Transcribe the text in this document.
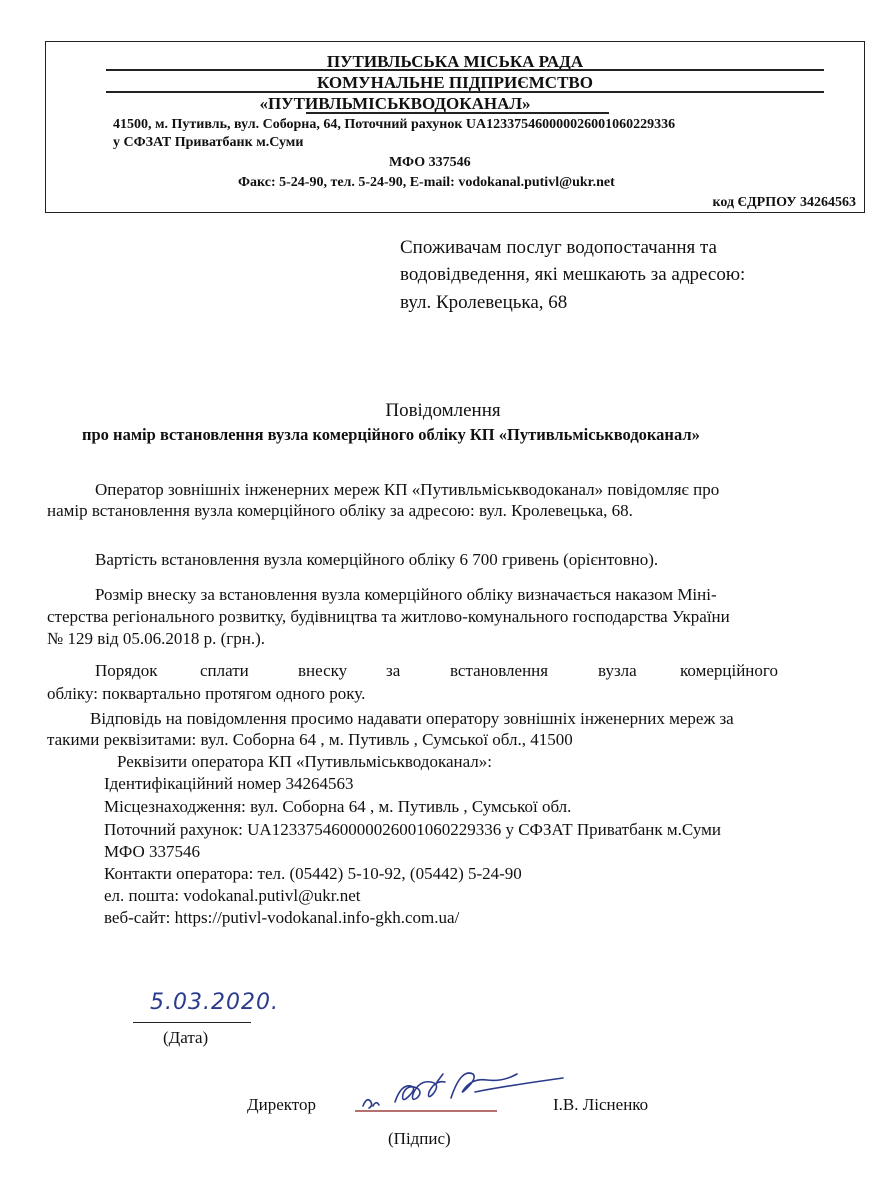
ПУТИВЛЬСЬКА МІСЬКА РАДА
КОМУНАЛЬНЕ ПІДПРИЄМСТВО
«ПУТИВЛЬМІСЬКВОДОКАНАЛ»
41500, м. Путивль, вул. Соборна, 64, Поточний рахунок UA123375460000026001060229336
у СФЗАТ Приватбанк м.Суми
МФО 337546
Факс: 5-24-90, тел. 5-24-90, E-mail: vodokanal.putivl@ukr.net
код ЄДРПОУ 34264563
Споживачам послуг водопостачання та
водовідведення, які мешкають за адресою:
вул. Кролевецька, 68
Повідомлення
про намір встановлення вузла комерційного обліку КП «Путивльміськводоканал»
Оператор зовнішніх інженерних мереж КП «Путивльміськводоканал» повідомляє про
намір встановлення вузла комерційного обліку за адресою: вул. Кролевецька, 68.
Вартість встановлення вузла комерційного обліку 6 700 гривень (орієнтовно).
Розмір внеску за встановлення вузла комерційного обліку визначається наказом Міні-
стерства регіонального розвитку, будівництва та житлово-комунального господарства України
№ 129 від 05.06.2018 р. (грн.).
Порядок сплати	внеску за	встановлення	вузла	комерційного
обліку: поквартально протягом одного року.
Відповідь на повідомлення просимо надавати оператору зовнішніх інженерних мереж за
такими реквізитами: вул. Соборна 64 , м. Путивль , Сумської обл., 41500
Реквізити оператора КП «Путивльміськводоканал»:
Ідентифікаційний номер 34264563
Місцезнаходження: вул. Соборна 64 , м. Путивль , Сумської обл.
Поточний рахунок: UA123375460000026001060229336 у СФЗАТ Приватбанк м.Суми
МФО 337546
Контакти оператора: тел. (05442) 5-10-92, (05442) 5-24-90
ел. пошта: vodokanal.putivl@ukr.net
веб-сайт: https://putivl-vodokanal.info-gkh.com.ua/
5.03.2020.
(Дата)
Директор	І.В. Лісненко
(Підпис)
